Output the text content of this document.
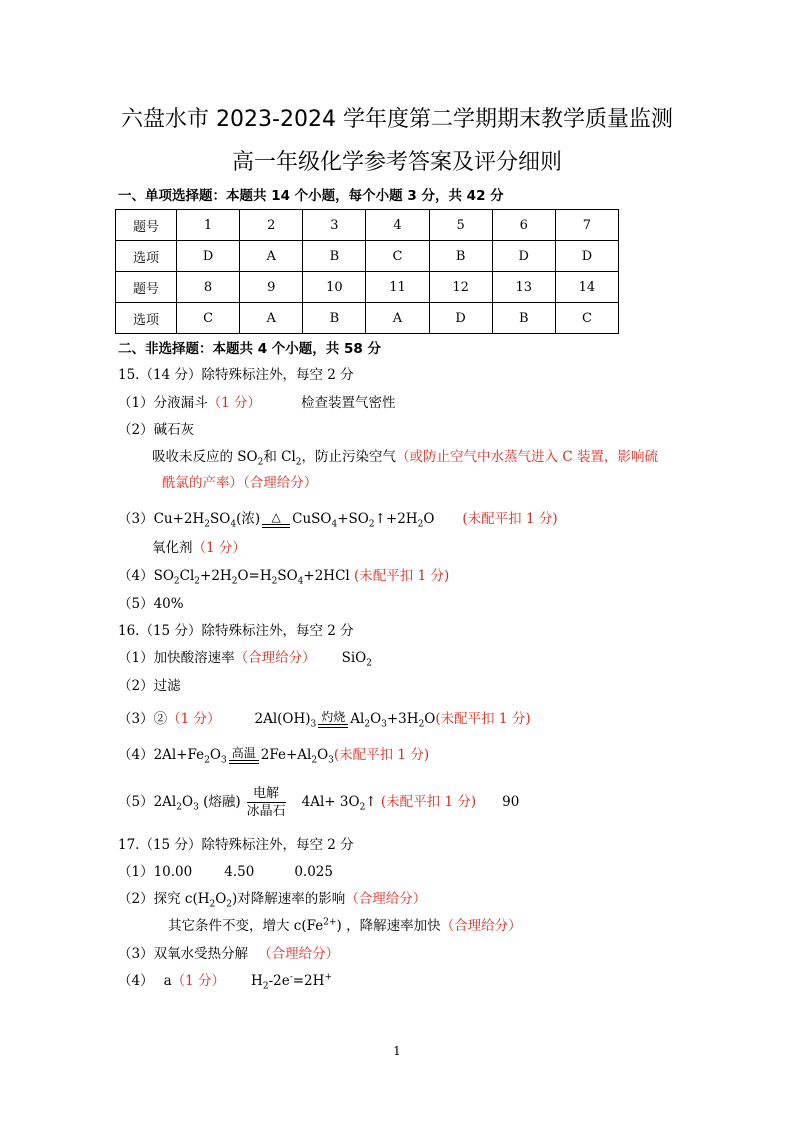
六盘水市 2023-2024 学年度第二学期期末教学质量监测
高一年级化学参考答案及评分细则
一、单项选择题：本题共 14 个小题，每个小题 3 分，共 42 分
题号	1	2	3	4	5	6	7
选项	D	A	B	C	B	D	D
题号	8	9	10	11	12	13	14
选项	C	A	B	A	D	B	C
二、非选择题：本题共 4 个小题，共 58 分
15.（14 分）除特殊标注外，每空 2 分
（1）分液漏斗（1 分）	检查装置气密性
（2）碱石灰
吸收未反应的 $SO_2$和 $Cl_2$，防止污染空气（或防止空气中水蒸气进入 C 装置，影响硫
酰氯的产率）（合理给分）
$(3)Cu+2H_2SO_4$(浓) △ $CuSO_4+SO_2↑+2H_2O$ (未配平扣 1 分)
氧化剂（1 分）
$(4)SO_2Cl_2+2H_2O=H_2SO_4+2HCl$ (未配平扣 1 分)
（5）40%
16.（15 分）除特殊标注外，每空 2 分
（1）加快酸溶速率（合理给分） SiO$_2$
（2）过滤
（3）②（1 分）	$2Al(OH)_3$
灼烧 $Al_2O_3+3H_2O$(未配平扣 1 分)
$(4)2Al+Fe_2O_3$
高温 $2Fe+Al_2O_3$(未配平扣 1 分)
$(5)2Al_2O_3$ (熔融) $\frac{\text{电解}}{\text{冰晶石}} 4Al+$ $3O_2↑$ (未配平扣 1 分) 90
17.（15 分）除特殊标注外，每空 2 分
（1）10.00 4.50	0.025
（2）探究 $c(H_2O_2)$对降解速率的影响（合理给分）
其它条件不变，增大 $c(Fe^{2+})$ ，降解速率加快（合理给分）
（3）双氧水受热分解 （合理给分）
（4） a（1 分） $H_2-2e^-=2H^+$
1
